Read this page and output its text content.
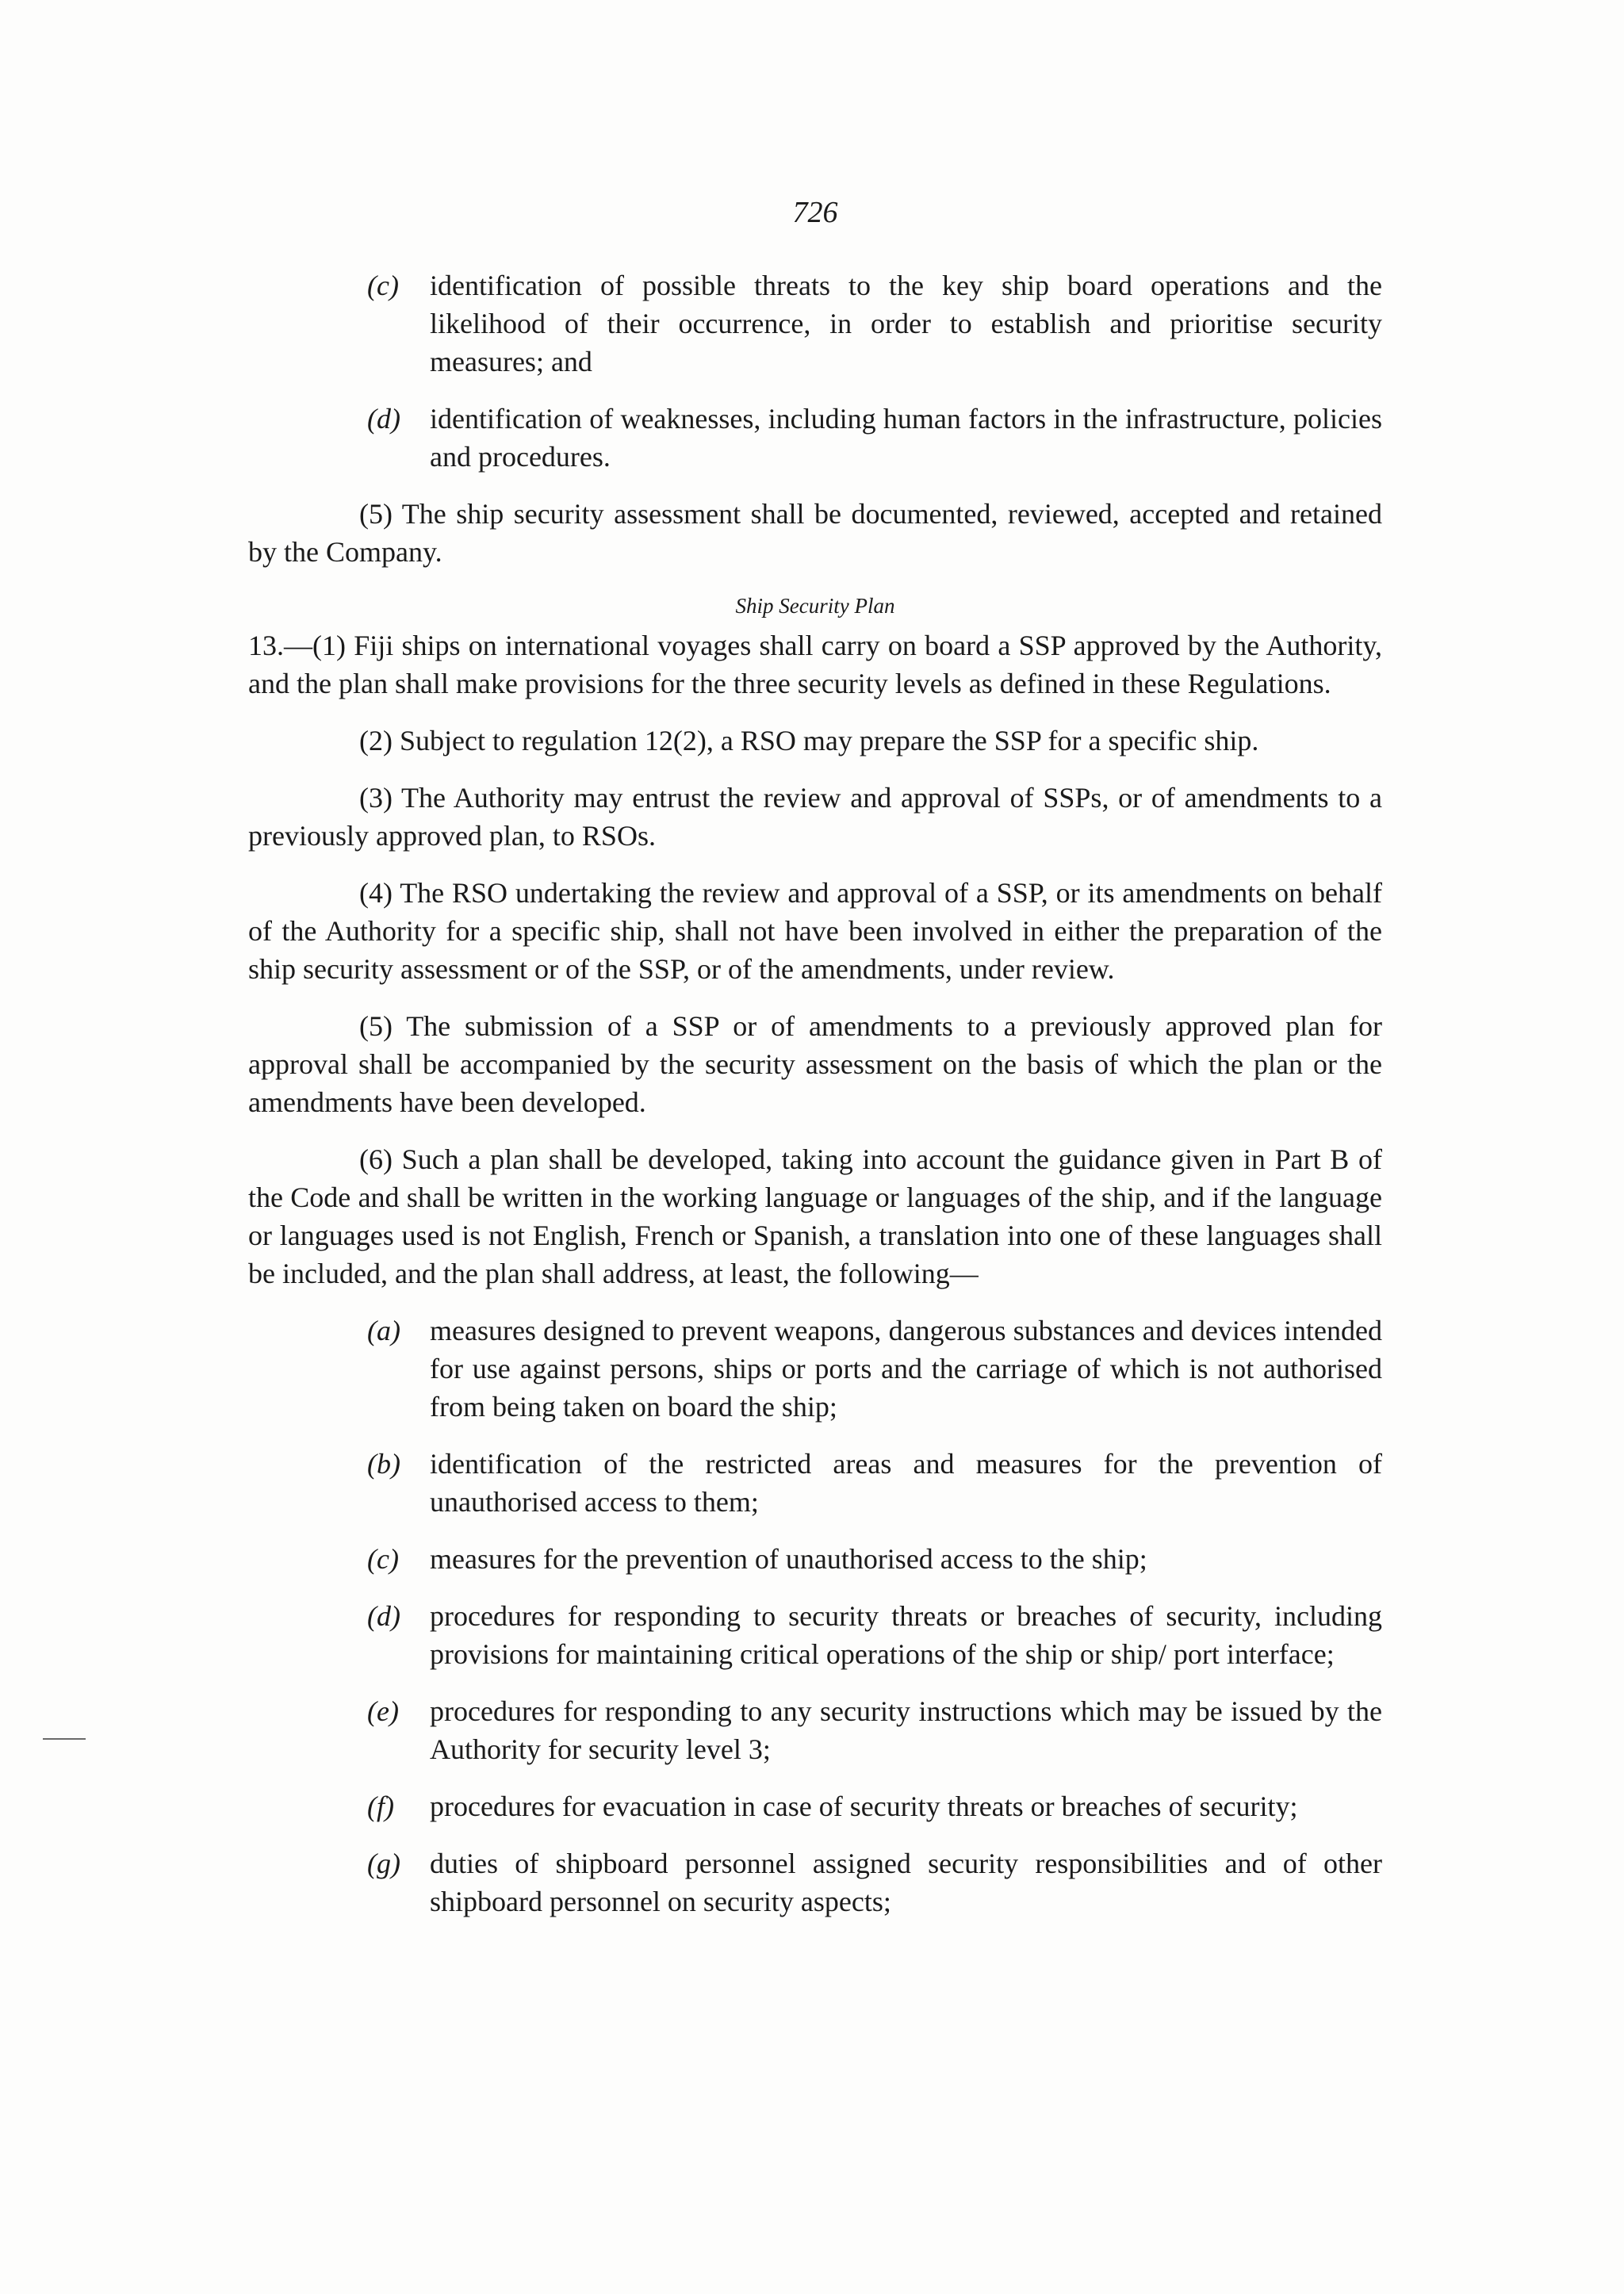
726
(c) identification of possible threats to the key ship board operations and the likelihood of their occurrence, in order to establish and prioritise security measures; and
(d) identification of weaknesses, including human factors in the infrastructure, policies and procedures.

(5) The ship security assessment shall be documented, reviewed, accepted and retained by the Company.

Ship Security Plan

13.—(1) Fiji ships on international voyages shall carry on board a SSP approved by the Authority, and the plan shall make provisions for the three security levels as defined in these Regulations.

(2) Subject to regulation 12(2), a RSO may prepare the SSP for a specific ship.

(3) The Authority may entrust the review and approval of SSPs, or of amendments to a previously approved plan, to RSOs.

(4) The RSO undertaking the review and approval of a SSP, or its amendments on behalf of the Authority for a specific ship, shall not have been involved in either the preparation of the ship security assessment or of the SSP, or of the amendments, under review.

(5) The submission of a SSP or of amendments to a previously approved plan for approval shall be accompanied by the security assessment on the basis of which the plan or the amendments have been developed.

(6) Such a plan shall be developed, taking into account the guidance given in Part B of the Code and shall be written in the working language or languages of the ship, and if the language or languages used is not English, French or Spanish, a translation into one of these languages shall be included, and the plan shall address, at least, the following—

(a) measures designed to prevent weapons, dangerous substances and devices intended for use against persons, ships or ports and the carriage of which is not authorised from being taken on board the ship;
(b) identification of the restricted areas and measures for the prevention of unauthorised access to them;
(c) measures for the prevention of unauthorised access to the ship;
(d) procedures for responding to security threats or breaches of security, including provisions for maintaining critical operations of the ship or ship/ port interface;
(e) procedures for responding to any security instructions which may be issued by the Authority for security level 3;
(f) procedures for evacuation in case of security threats or breaches of security;
(g) duties of shipboard personnel assigned security responsibilities and of other shipboard personnel on security aspects;
